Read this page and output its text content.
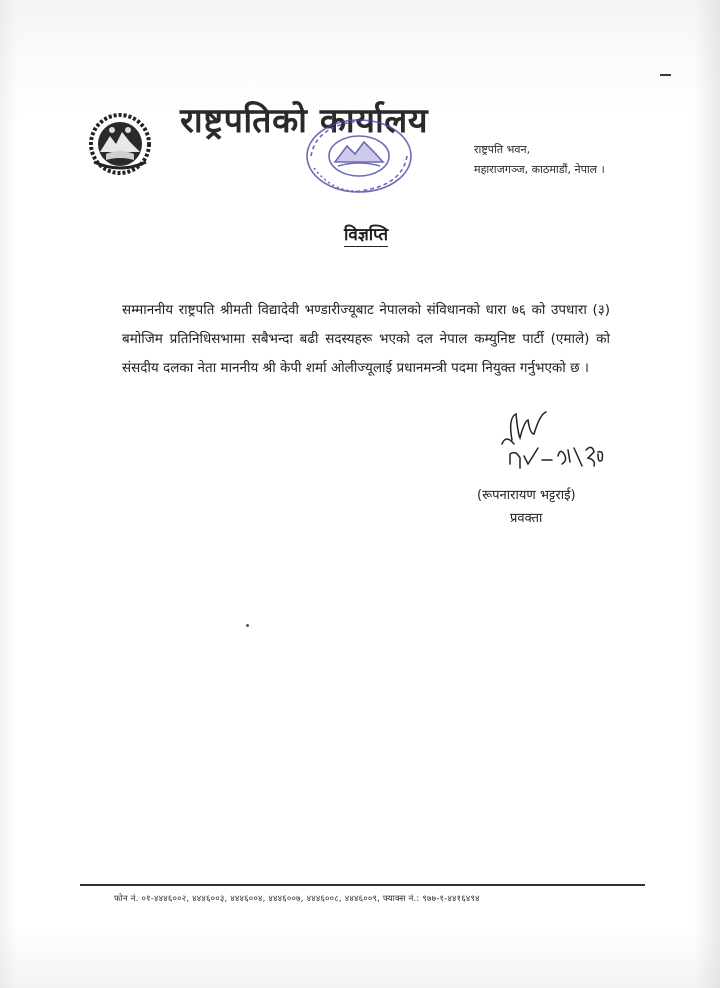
राष्ट्रपतिको कार्यालय
राष्ट्रपति भवन,
महाराजगञ्ज, काठमाडौं, नेपाल ।
विज्ञप्ति
सम्माननीय राष्ट्रपति श्रीमती विद्यादेवी भण्डारीज्यूबाट नेपालको संविधानको धारा ७६ को उपधारा (३) बमोजिम प्रतिनिधिसभामा सबैभन्दा बढी सदस्यहरू भएको दल नेपाल कम्युनिष्ट पार्टी (एमाले) को संसदीय दलका नेता माननीय श्री केपी शर्मा ओलीज्यूलाई प्रधानमन्त्री पदमा नियुक्त गर्नुभएको छ ।
(रूपनारायण भट्टराई)
प्रवक्ता
फोन नं. ०१-४४४६००२, ४४४६००३, ४४४६००४, ४४४६००७, ४४४६००८, ४४४६००९, फ्याक्स नं.: ९७७-१-४४१६४९४
